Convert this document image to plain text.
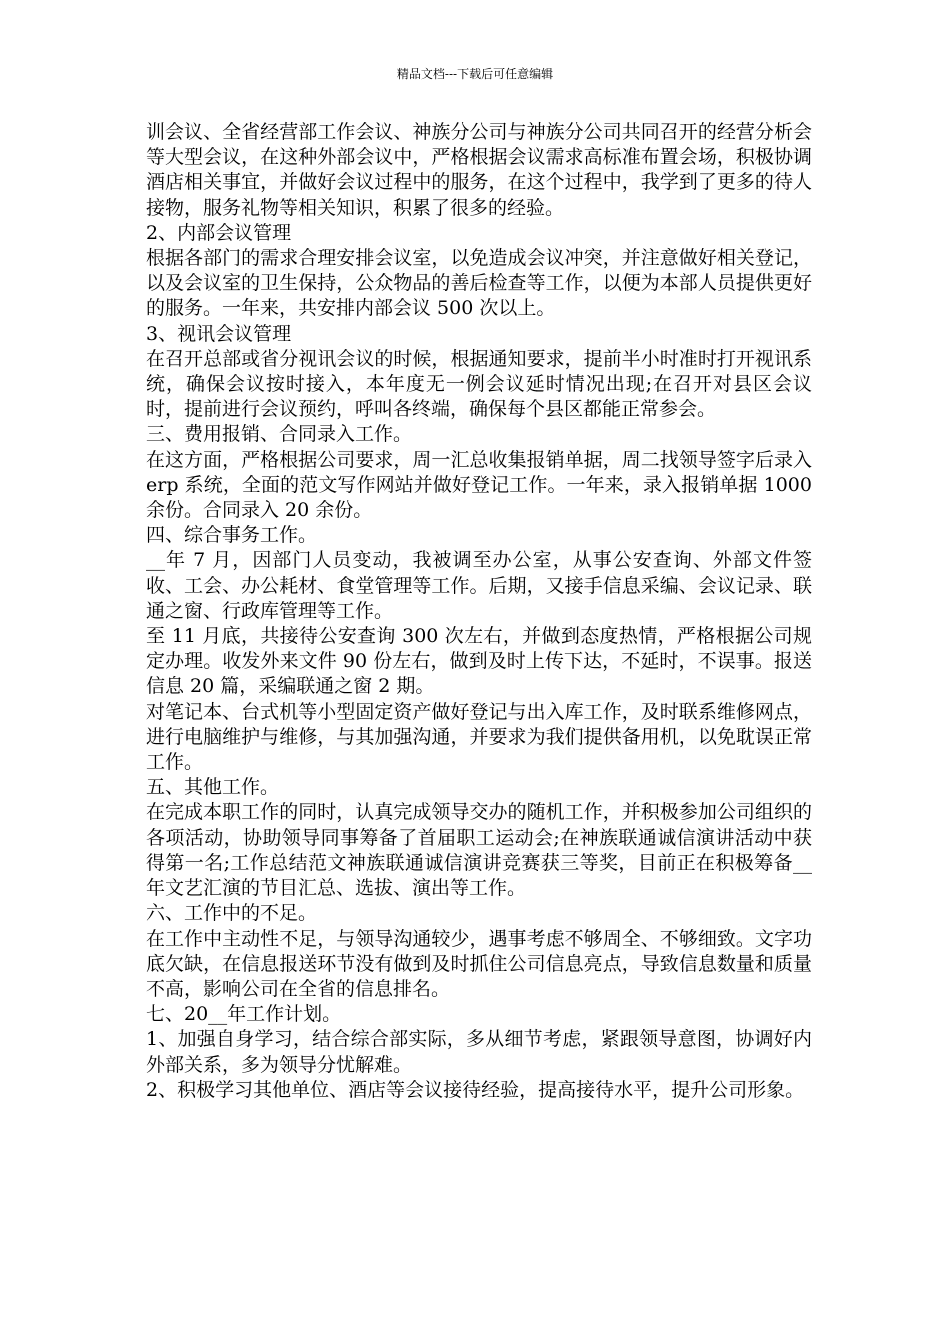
精品文档---下载后可任意编辑

训会议、全省经营部工作会议、神族分公司与神族分公司共同召开的经营分析会等大型会议，在这种外部会议中，严格根据会议需求高标准布置会场，积极协调酒店相关事宜，并做好会议过程中的服务，在这个过程中，我学到了更多的待人接物，服务礼物等相关知识，积累了很多的经验。

2、内部会议管理

根据各部门的需求合理安排会议室，以免造成会议冲突，并注意做好相关登记，以及会议室的卫生保持，公众物品的善后检查等工作，以便为本部人员提供更好的服务。一年来，共安排内部会议 500 次以上。

3、视讯会议管理

在召开总部或省分视讯会议的时候，根据通知要求，提前半小时准时打开视讯系统，确保会议按时接入，本年度无一例会议延时情况出现;在召开对县区会议时，提前进行会议预约，呼叫各终端，确保每个县区都能正常参会。

三、费用报销、合同录入工作。

在这方面，严格根据公司要求，周一汇总收集报销单据，周二找领导签字后录入 erp 系统，全面的范文写作网站并做好登记工作。一年来，录入报销单据 1000 余份。合同录入 20 余份。

四、综合事务工作。

__年 7 月，因部门人员变动，我被调至办公室，从事公安查询、外部文件签收、工会、办公耗材、食堂管理等工作。后期，又接手信息采编、会议记录、联通之窗、行政库管理等工作。

至 11 月底，共接待公安查询 300 次左右，并做到态度热情，严格根据公司规定办理。收发外来文件 90 份左右，做到及时上传下达，不延时，不误事。报送信息 20 篇，采编联通之窗 2 期。

对笔记本、台式机等小型固定资产做好登记与出入库工作，及时联系维修网点，进行电脑维护与维修，与其加强沟通，并要求为我们提供备用机，以免耽误正常工作。

五、其他工作。

在完成本职工作的同时，认真完成领导交办的随机工作，并积极参加公司组织的各项活动，协助领导同事筹备了首届职工运动会;在神族联通诚信演讲活动中获得第一名;工作总结范文神族联通诚信演讲竞赛获三等奖，目前正在积极筹备__年文艺汇演的节目汇总、选拔、演出等工作。

六、工作中的不足。

在工作中主动性不足，与领导沟通较少，遇事考虑不够周全、不够细致。文字功底欠缺，在信息报送环节没有做到及时抓住公司信息亮点，导致信息数量和质量不高，影响公司在全省的信息排名。

七、20__年工作计划。

1、加强自身学习，结合综合部实际，多从细节考虑，紧跟领导意图，协调好内外部关系，多为领导分忧解难。

2、积极学习其他单位、酒店等会议接待经验，提高接待水平，提升公司形象。
